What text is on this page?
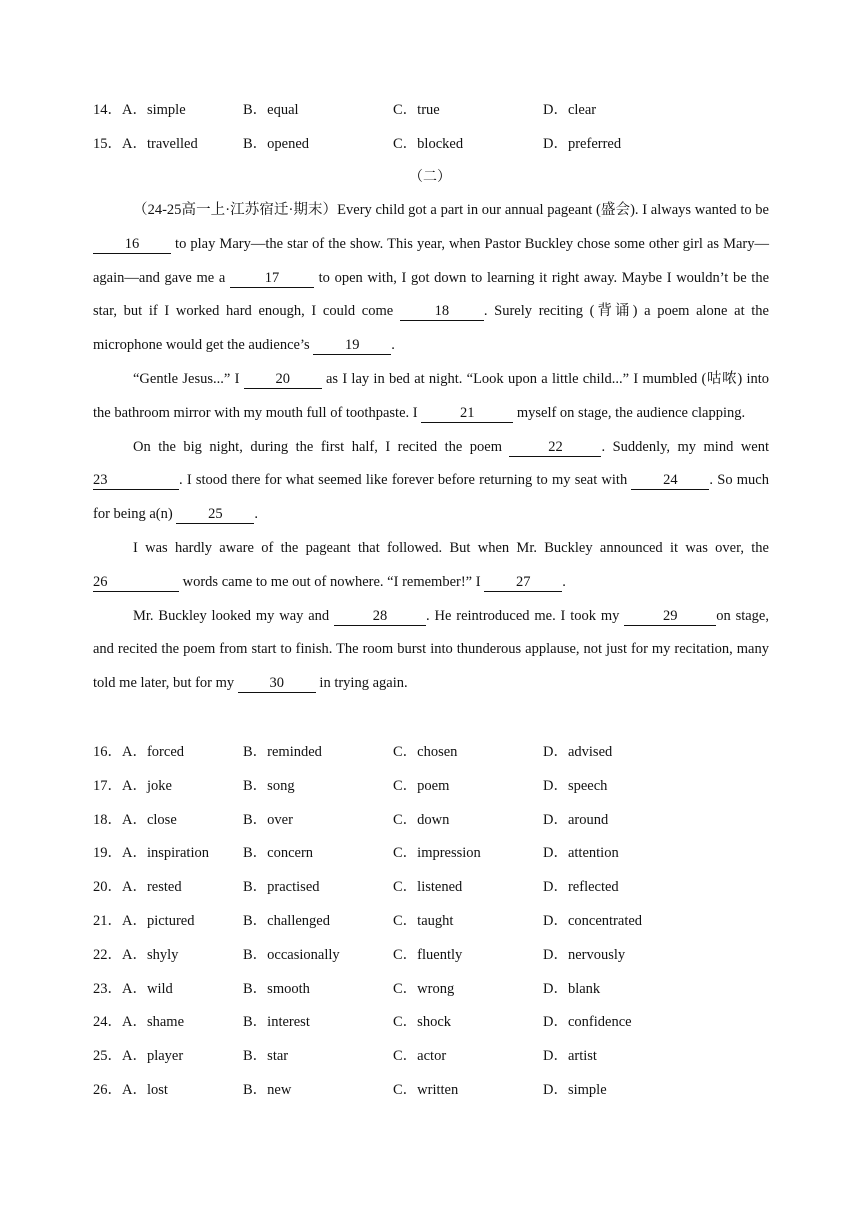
14．A．simple	B．equal	C．true	D．clear
15．A．travelled	B．opened	C．blocked	D．preferred
（二）

（24-25高一上·江苏宿迁·期末）Every child got a part in our annual pageant (盛会). I always wanted to be 16 to play Mary—the star of the show. This year, when Pastor Buckley chose some other girl as Mary—again—and gave me a 17 to open with, I got down to learning it right away. Maybe I wouldn’t be the star, but if I worked hard enough, I could come 18 . Surely reciting (背诵) a poem alone at the microphone would get the audience’s 19 .

“Gentle Jesus...” I 20 as I lay in bed at night. “Look upon a little child...” I mumbled (咕哝) into the bathroom mirror with my mouth full of toothpaste. I	21	myself on stage, the audience clapping.

On the big night, during the first half, I recited the poem	22	. Suddenly, my mind went 23	. I stood there for what seemed like forever before returning to my seat with 24 . So much for being a(n) 25 .

I was hardly aware of the pageant that followed. But when Mr. Buckley announced it was over, the 26	words came to me out of nowhere. “I remember!” I 27 .

Mr. Buckley looked my way and	28	. He reintroduced me. I took my	29	on stage, and recited the poem from start to finish. The room burst into thunderous applause, not just for my recitation, many told me later, but for my 30 in trying again.

16．A．forced	B．reminded	C．chosen	D．advised
17．A．joke	B．song	C．poem	D．speech
18．A．close	B．over	C．down	D．around
19．A．inspiration B．concern	C．impression	D．attention
20．A．rested	B．practised	C．listened	D．reflected
21．A．pictured	B．challenged	C．taught	D．concentrated
22．A．shyly	B．occasionally	C．fluently	D．nervously
23．A．wild	B．smooth	C．wrong	D．blank
24．A．shame	B．interest	C．shock	D．confidence
25．A．player	B．star	C．actor	D．artist
26．A．lost	B．new	C．written	D．simple
